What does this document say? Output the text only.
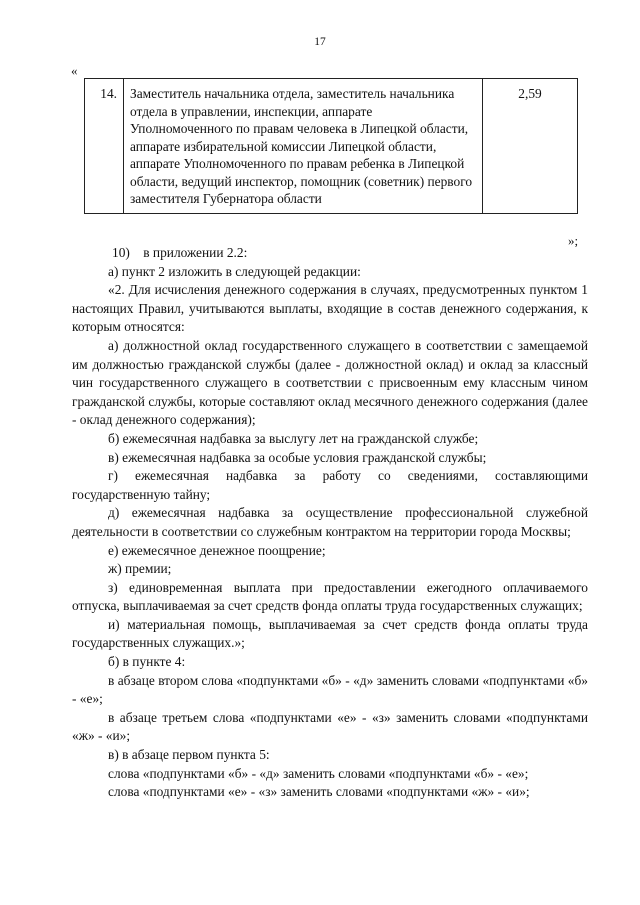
17
«
14.	Заместитель начальника отдела, заместитель начальника отдела в управлении, инспекции, аппарате Уполномоченного по правам человека в Липецкой области, аппарате избирательной комиссии Липецкой области, аппарате Уполномоченного по правам ребенка в Липецкой области, ведущий инспектор, помощник (советник) первого заместителя Губернатора области	2,59
»;

10)    в приложении 2.2:

а) пункт 2 изложить в следующей редакции:

«2. Для исчисления денежного содержания в случаях, предусмотренных пунктом 1 настоящих Правил, учитываются выплаты, входящие в состав денежного содержания, к которым относятся:

а) должностной оклад государственного служащего в соответствии с замещаемой им должностью гражданской службы (далее - должностной оклад) и оклад за классный чин государственного служащего в соответствии с присвоенным ему классным чином гражданской службы, которые составляют оклад месячного денежного содержания (далее - оклад денежного содержания);

б) ежемесячная надбавка за выслугу лет на гражданской службе;

в) ежемесячная надбавка за особые условия гражданской службы;

г) ежемесячная надбавка за работу со сведениями, составляющими государственную тайну;

д) ежемесячная надбавка за осуществление профессиональной служебной деятельности в соответствии со служебным контрактом на территории города Москвы;

е) ежемесячное денежное поощрение;

ж) премии;

з) единовременная выплата при предоставлении ежегодного оплачиваемого отпуска, выплачиваемая за счет средств фонда оплаты труда государственных служащих;

и) материальная помощь, выплачиваемая за счет средств фонда оплаты труда государственных служащих.»;

б) в пункте 4:

в абзаце втором слова «подпунктами «б» - «д» заменить словами «подпунктами «б» - «е»;

в абзаце третьем слова «подпунктами «е» - «з» заменить словами «подпунктами «ж» - «и»;

в) в абзаце первом пункта 5:

слова «подпунктами «б» - «д» заменить словами «подпунктами «б» - «е»;

слова «подпунктами «е» - «з» заменить словами «подпунктами «ж» - «и»;
